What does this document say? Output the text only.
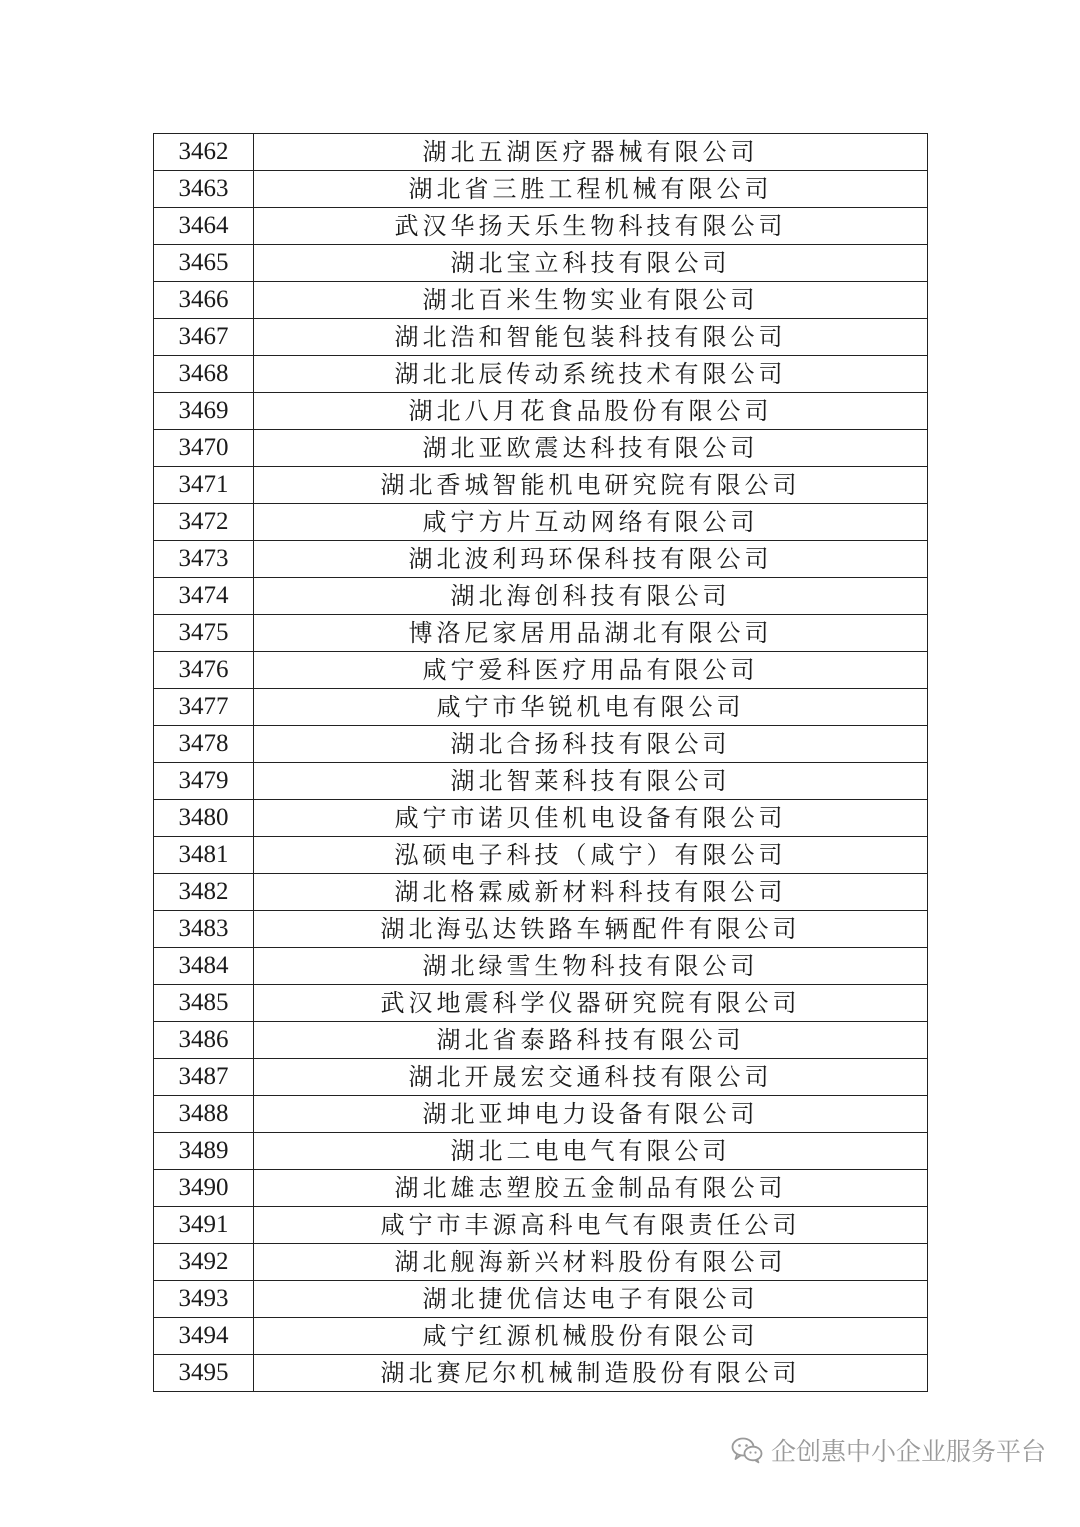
3462	湖北五湖医疗器械有限公司
3463	湖北省三胜工程机械有限公司
3464	武汉华扬天乐生物科技有限公司
3465	湖北宝立科技有限公司
3466	湖北百米生物实业有限公司
3467	湖北浩和智能包装科技有限公司
3468	湖北北辰传动系统技术有限公司
3469	湖北八月花食品股份有限公司
3470	湖北亚欧震达科技有限公司
3471	湖北香城智能机电研究院有限公司
3472	咸宁方片互动网络有限公司
3473	湖北波利玛环保科技有限公司
3474	湖北海创科技有限公司
3475	博洛尼家居用品湖北有限公司
3476	咸宁爱科医疗用品有限公司
3477	咸宁市华锐机电有限公司
3478	湖北合扬科技有限公司
3479	湖北智莱科技有限公司
3480	咸宁市诺贝佳机电设备有限公司
3481	泓硕电子科技（咸宁）有限公司
3482	湖北格霖威新材料科技有限公司
3483	湖北海弘达铁路车辆配件有限公司
3484	湖北绿雪生物科技有限公司
3485	武汉地震科学仪器研究院有限公司
3486	湖北省泰路科技有限公司
3487	湖北开晟宏交通科技有限公司
3488	湖北亚坤电力设备有限公司
3489	湖北二电电气有限公司
3490	湖北雄志塑胶五金制品有限公司
3491	咸宁市丰源高科电气有限责任公司
3492	湖北舰海新兴材料股份有限公司
3493	湖北捷优信达电子有限公司
3494	咸宁红源机械股份有限公司
3495	湖北赛尼尔机械制造股份有限公司
企创惠中小企业服务平台
